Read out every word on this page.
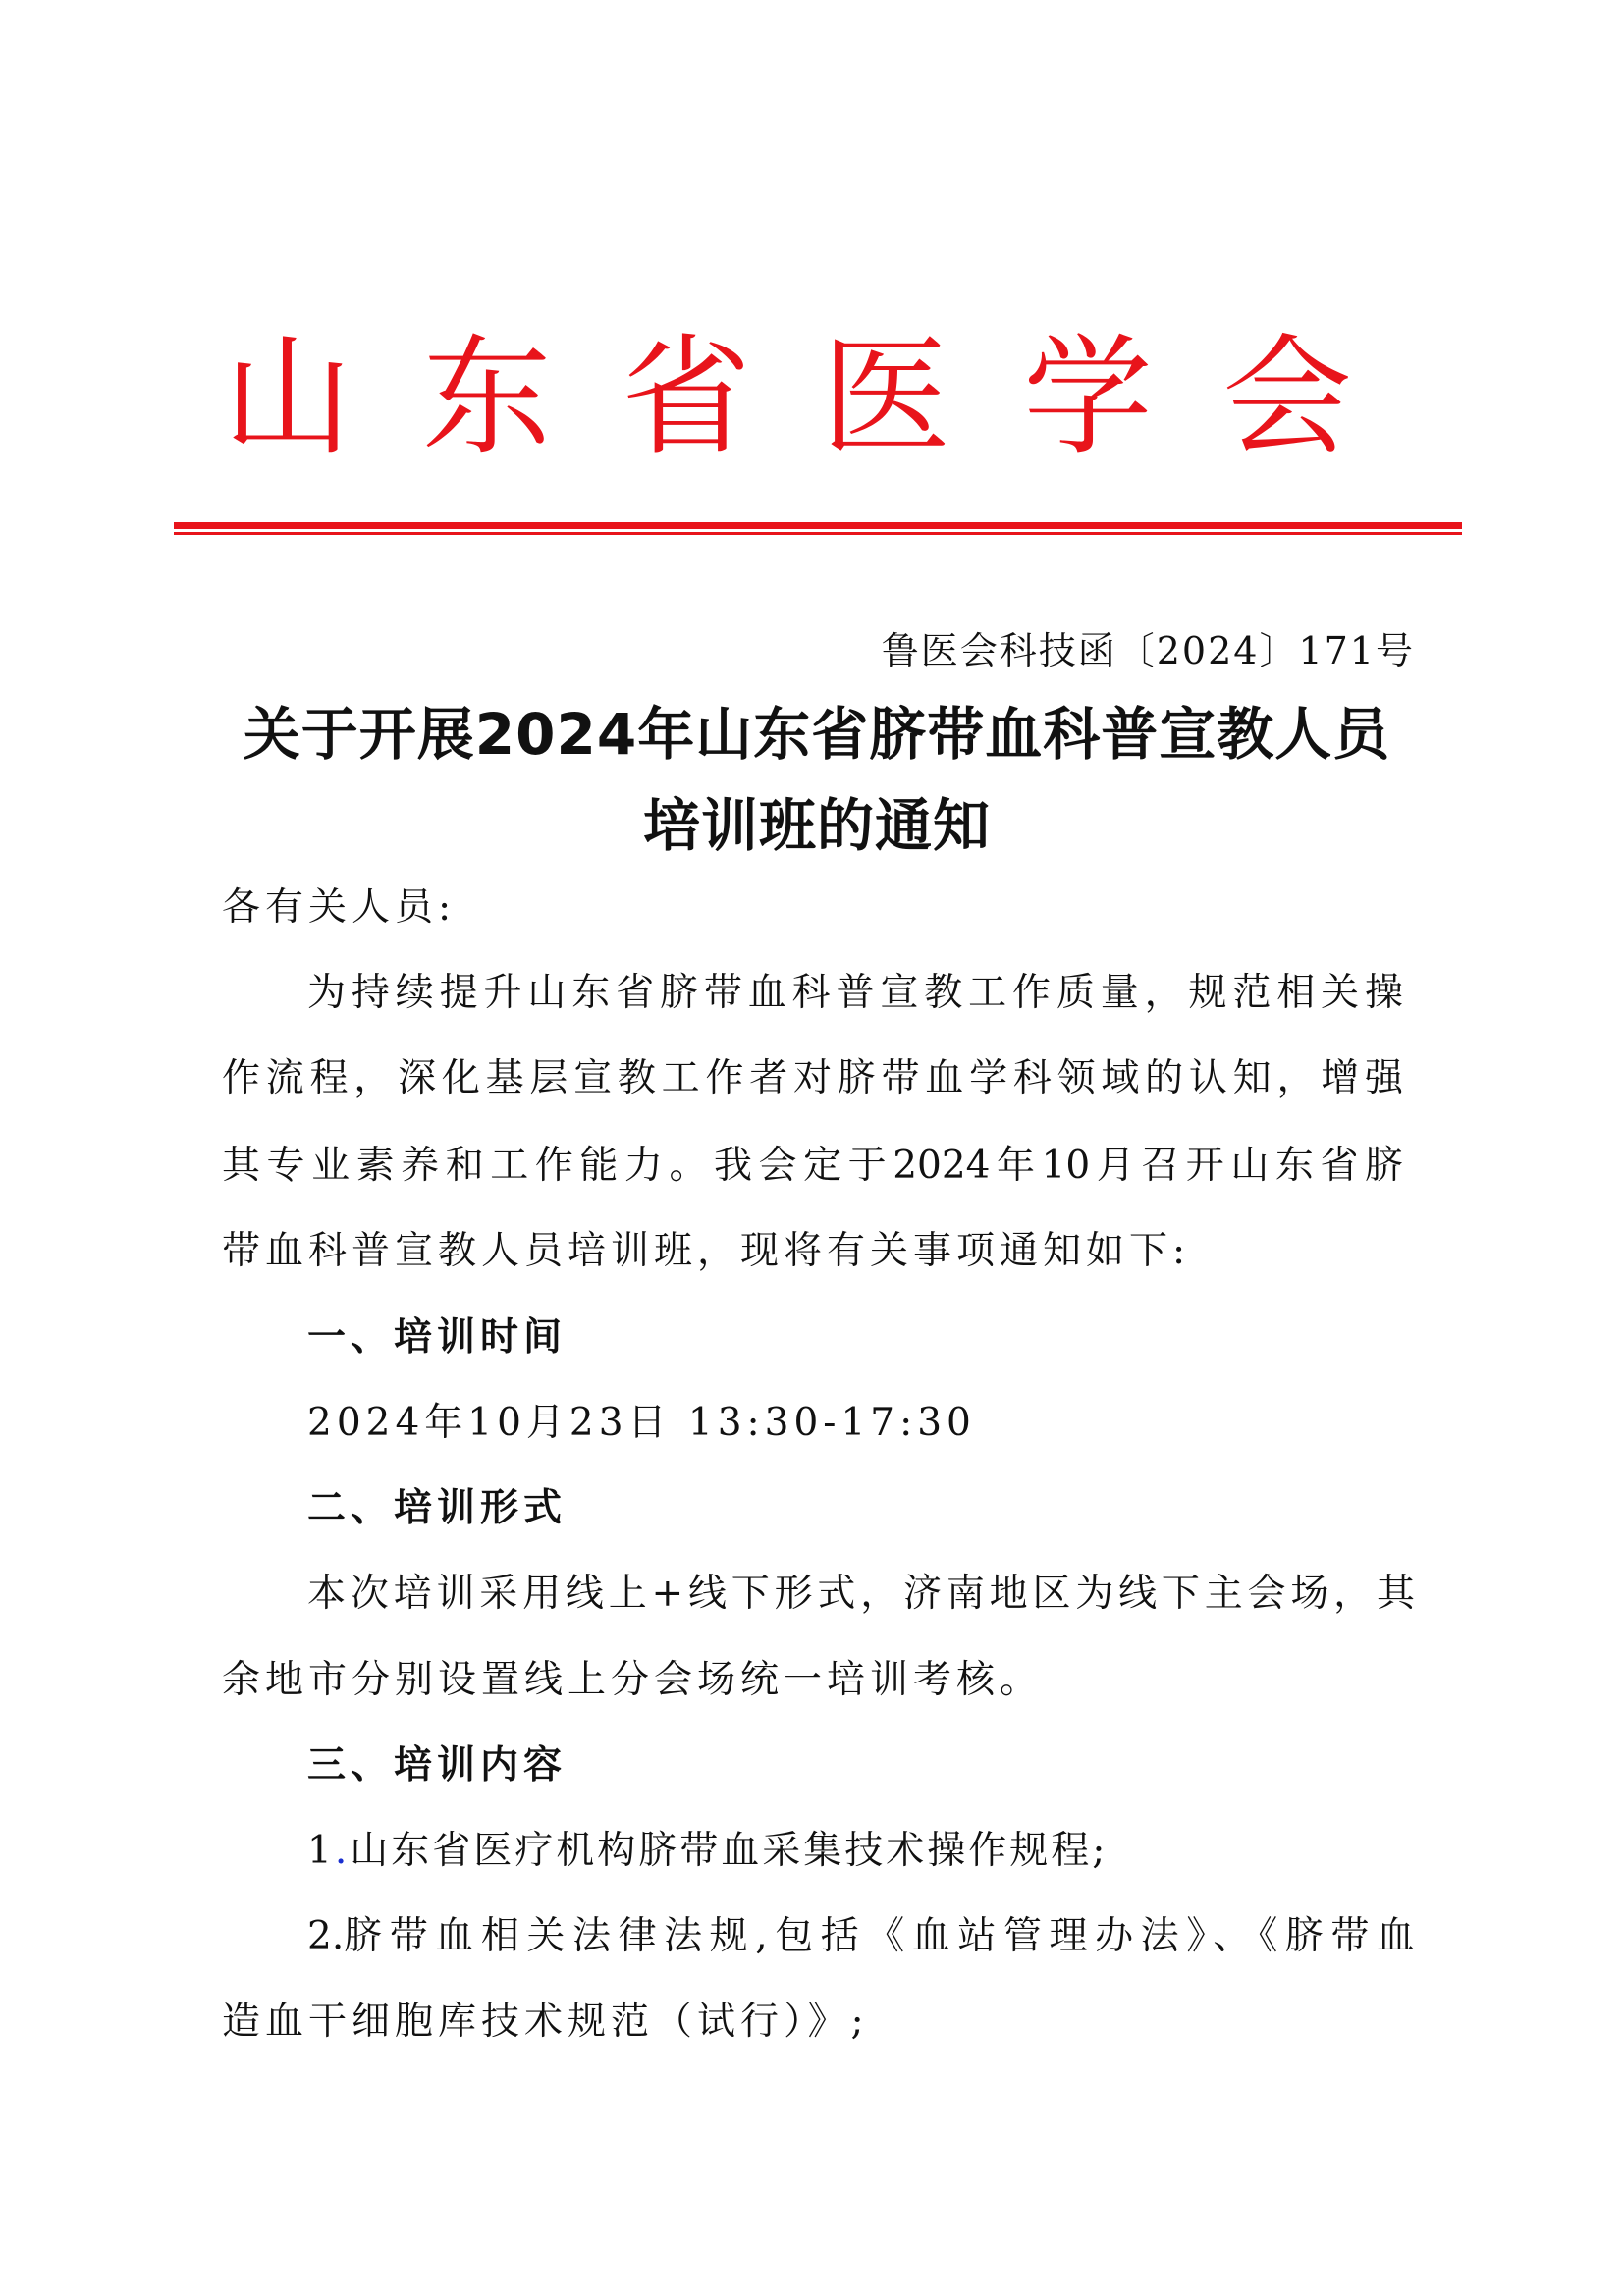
山 东 省 医 学 会
鲁医会科技函〔2024〕171号
关于开展2024年山东省脐带血科普宣教人员
培训班的通知
各有关人员:
为持续提升山东省脐带血科普宣教工作质量，规范相关操
作流程，深化基层宣教工作者对脐带血学科领域的认知，增强
其专业素养和工作能力。我会定于2024年10月召开山东省脐
带血科普宣教人员培训班，现将有关事项通知如下:
一、培训时间
2024年10月23日 13:30-17:30
二、培训形式
本次培训采用线上+线下形式，济南地区为线下主会场，其
余地市分别设置线上分会场统一培训考核。
三、培训内容
1.山东省医疗机构脐带血采集技术操作规程;
2. 脐带血相关法律法规,包括《血站管理办法》、《脐带血
造血干细胞库技术规范（试行）》;
